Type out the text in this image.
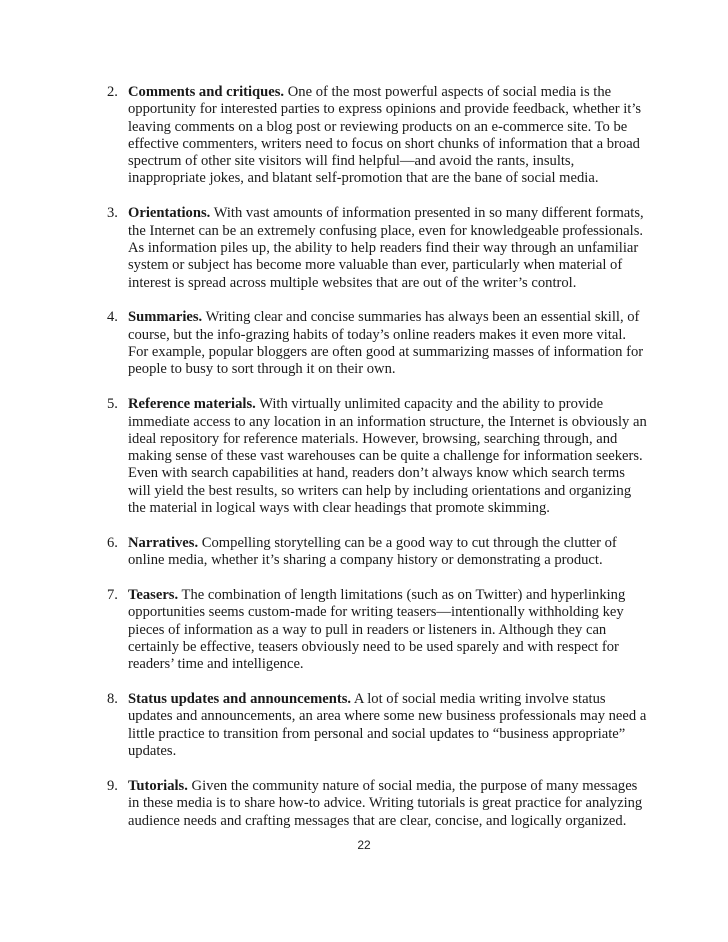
2. Comments and critiques. One of the most powerful aspects of social media is the opportunity for interested parties to express opinions and provide feedback, whether it’s leaving comments on a blog post or reviewing products on an e-commerce site. To be effective commenters, writers need to focus on short chunks of information that a broad spectrum of other site visitors will find helpful—and avoid the rants, insults, inappropriate jokes, and blatant self-promotion that are the bane of social media.
3. Orientations. With vast amounts of information presented in so many different formats, the Internet can be an extremely confusing place, even for knowledgeable professionals. As information piles up, the ability to help readers find their way through an unfamiliar system or subject has become more valuable than ever, particularly when material of interest is spread across multiple websites that are out of the writer’s control.
4. Summaries. Writing clear and concise summaries has always been an essential skill, of course, but the info-grazing habits of today’s online readers makes it even more vital. For example, popular bloggers are often good at summarizing masses of information for people to busy to sort through it on their own.
5. Reference materials. With virtually unlimited capacity and the ability to provide immediate access to any location in an information structure, the Internet is obviously an ideal repository for reference materials. However, browsing, searching through, and making sense of these vast warehouses can be quite a challenge for information seekers. Even with search capabilities at hand, readers don’t always know which search terms will yield the best results, so writers can help by including orientations and organizing the material in logical ways with clear headings that promote skimming.
6. Narratives. Compelling storytelling can be a good way to cut through the clutter of online media, whether it’s sharing a company history or demonstrating a product.
7. Teasers. The combination of length limitations (such as on Twitter) and hyperlinking opportunities seems custom-made for writing teasers—intentionally withholding key pieces of information as a way to pull in readers or listeners in. Although they can certainly be effective, teasers obviously need to be used sparely and with respect for readers’ time and intelligence.
8. Status updates and announcements. A lot of social media writing involve status updates and announcements, an area where some new business professionals may need a little practice to transition from personal and social updates to “business appropriate” updates.
9. Tutorials. Given the community nature of social media, the purpose of many messages in these media is to share how-to advice. Writing tutorials is great practice for analyzing audience needs and crafting messages that are clear, concise, and logically organized.
22
